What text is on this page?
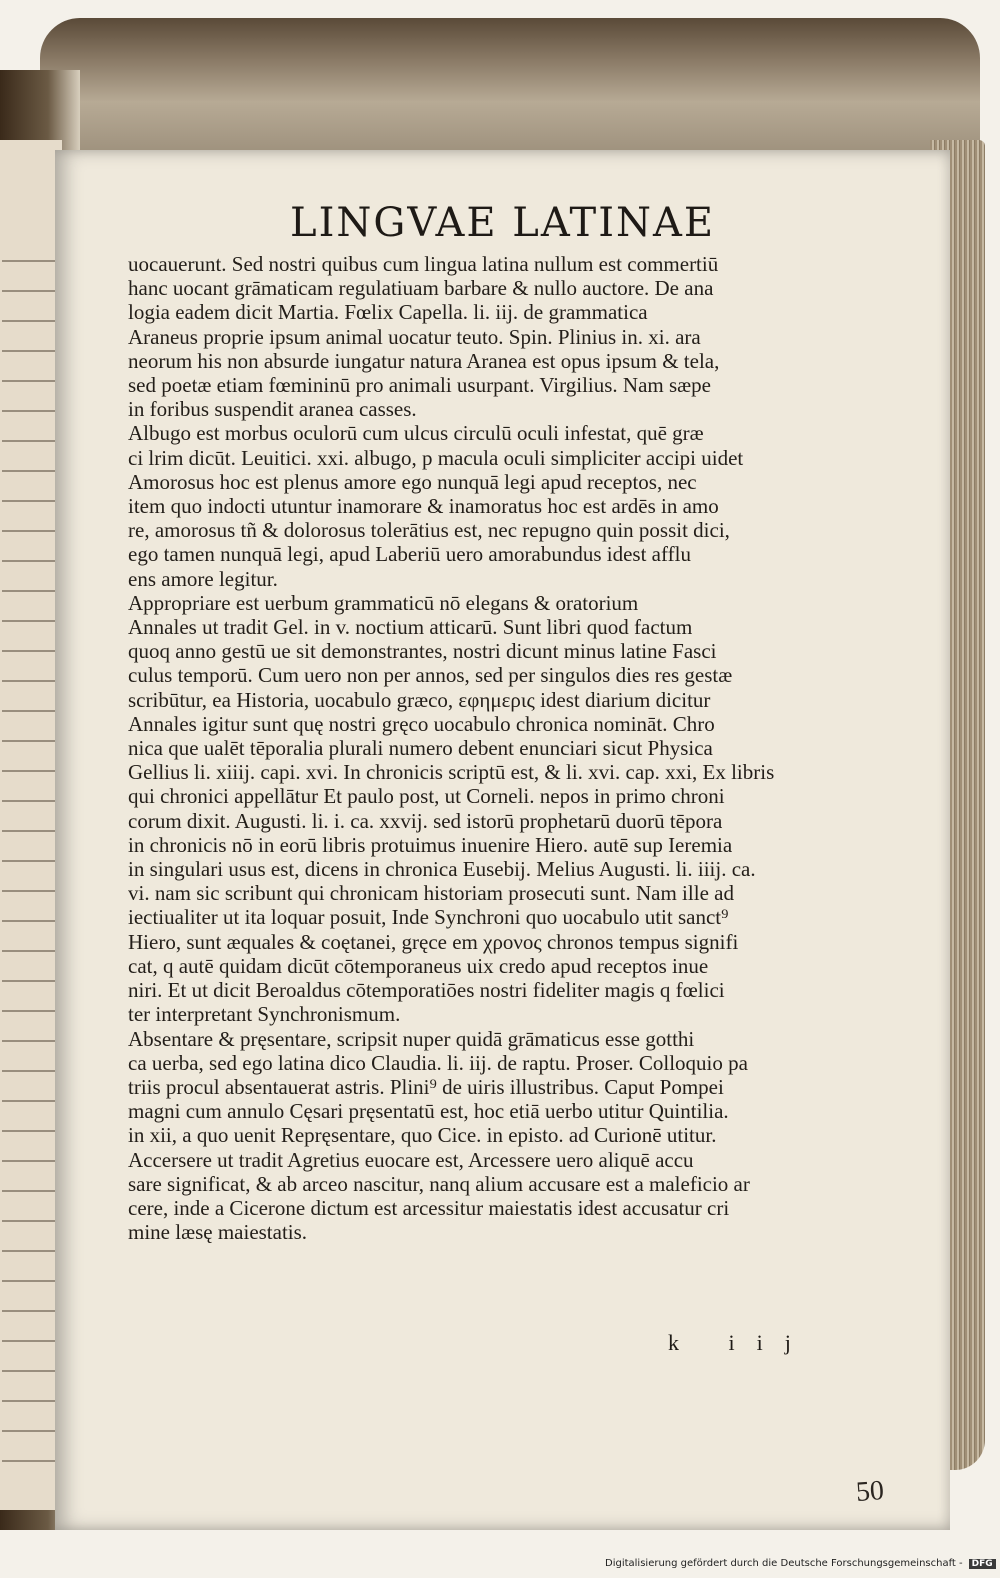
LINGVAE LATINAE

uocauerunt. Sed nostri quibus cum lingua latina nullum est commertiū

hanc uocant grāmaticam regulatiuam barbare & nullo auctore. De ana

logia eadem dicit Martia. Fœlix Capella. li. iij. de grammatica

Araneus proprie ipsum animal uocatur teuto. Spin. Plinius in. xi. ara

neorum his non absurde iungatur natura Aranea est opus ipsum & tela,

sed poetæ etiam fœmininū pro animali usurpant. Virgilius. Nam sæpe

in foribus suspendit aranea casses.

Albugo est morbus oculorū cum ulcus circulū oculi infestat, quē græ

ci lrim dicūt. Leuitici. xxi. albugo, p macula oculi simpliciter accipi uidet

Amorosus hoc est plenus amore ego nunquā legi apud receptos, nec

item quo indocti utuntur inamorare & inamoratus hoc est ardēs in amo

re, amorosus tñ & dolorosus tolerātius est, nec repugno quin possit dici,

ego tamen nunquā legi, apud Laberiū uero amorabundus idest afflu

ens amore legitur.

Appropriare est uerbum grammaticū nō elegans & oratorium

Annales ut tradit Gel. in v. noctium atticarū. Sunt libri quod factum

quoq anno gestū ue sit demonstrantes, nostri dicunt minus latine Fasci

culus temporū. Cum uero non per annos, sed per singulos dies res gestæ

scribūtur, ea Historia, uocabulo græco, εφημερις idest diarium dicitur

Annales igitur sunt quę nostri gręco uocabulo chronica nomināt. Chro

nica que ualēt tēporalia plurali numero debent enunciari sicut Physica

Gellius li. xiiij. capi. xvi. In chronicis scriptū est, & li. xvi. cap. xxi, Ex libris

qui chronici appellātur Et paulo post, ut Corneli. nepos in primo chroni

corum dixit. Augusti. li. i. ca. xxvij. sed istorū prophetarū duorū tēpora

in chronicis nō in eorū libris protuimus inuenire Hiero. autē sup Ieremia

in singulari usus est, dicens in chronica Eusebij. Melius Augusti. li. iiij. ca.

vi. nam sic scribunt qui chronicam historiam prosecuti sunt. Nam ille ad

iectiualiter ut ita loquar posuit, Inde Synchroni quo uocabulo utit sanct⁹

Hiero, sunt æquales & coętanei, gręce em χρονος chronos tempus signifi

cat, q autē quidam dicūt cōtemporaneus uix credo apud receptos inue

niri. Et ut dicit Beroaldus cōtemporatiōes nostri fideliter magis q fœlici

ter interpretant Synchronismum.

Absentare & pręsentare, scripsit nuper quidā grāmaticus esse gotthi

ca uerba, sed ego latina dico Claudia. li. iij. de raptu. Proser. Colloquio pa

triis procul absentauerat astris. Plini⁹ de uiris illustribus. Caput Pompei

magni cum annulo Cęsari pręsentatū est, hoc etiā uerbo utitur Quintilia.

in xii, a quo uenit Repręsentare, quo Cice. in episto. ad Curionē utitur.

Accersere ut tradit Agretius euocare est, Arcessere uero aliquē accu

sare significat, & ab arceo nascitur, nanq alium accusare est a maleficio ar

cere, inde a Cicerone dictum est arcessitur maiestatis idest accusatur cri

mine læsę maiestatis.

k iij
50
Digitalisierung gefördert durch die Deutsche Forschungsgemeinschaft - DFG
